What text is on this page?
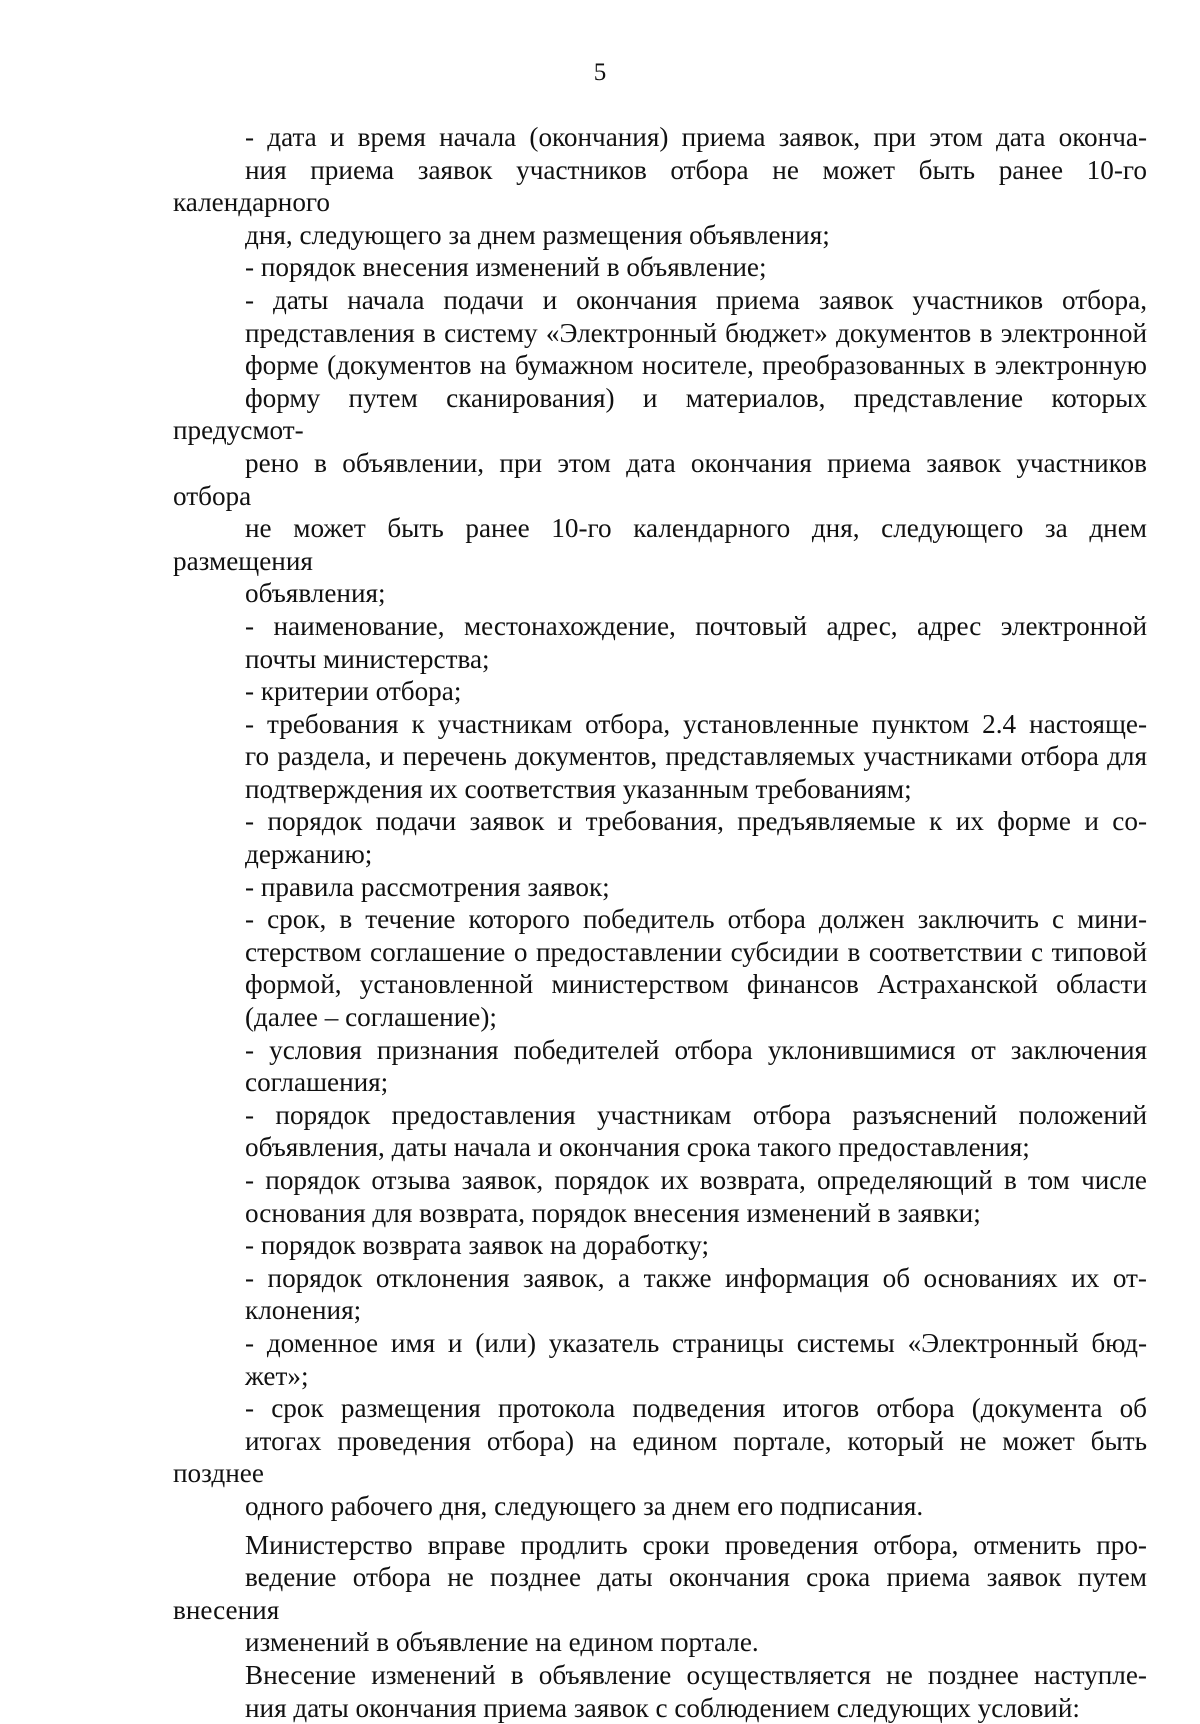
5

- дата и время начала (окончания) приема заявок, при этом дата оконча-
ния приема заявок участников отбора не может быть ранее 10-го календарного
дня, следующего за днем размещения объявления;

- порядок внесения изменений в объявление;

- даты начала подачи и окончания приема заявок участников отбора,
представления в систему «Электронный бюджет» документов в электронной
форме (документов на бумажном носителе, преобразованных в электронную
форму путем сканирования) и материалов, представление которых предусмот-
рено в объявлении, при этом дата окончания приема заявок участников отбора
не может быть ранее 10-го календарного дня, следующего за днем размещения
объявления;

- наименование, местонахождение, почтовый адрес, адрес электронной
почты министерства;

- критерии отбора;

- требования к участникам отбора, установленные пунктом 2.4 настояще-
го раздела, и перечень документов, представляемых участниками отбора для
подтверждения их соответствия указанным требованиям;

- порядок подачи заявок и требования, предъявляемые к их форме и со-
держанию;

- правила рассмотрения заявок;

- срок, в течение которого победитель отбора должен заключить с мини-
стерством соглашение о предоставлении субсидии в соответствии с типовой
формой, установленной министерством финансов Астраханской области
(далее – соглашение);

- условия признания победителей отбора уклонившимися от заключения
соглашения;

- порядок предоставления участникам отбора разъяснений положений
объявления, даты начала и окончания срока такого предоставления;

- порядок отзыва заявок, порядок их возврата, определяющий в том числе
основания для возврата, порядок внесения изменений в заявки;

- порядок возврата заявок на доработку;

- порядок отклонения заявок, а также информация об основаниях их от-
клонения;

- доменное имя и (или) указатель страницы системы «Электронный бюд-
жет»;

- срок размещения протокола подведения итогов отбора (документа об
итогах проведения отбора) на едином портале, который не может быть позднее
одного рабочего дня, следующего за днем его подписания.

Министерство вправе продлить сроки проведения отбора, отменить про-
ведение отбора не позднее даты окончания срока приема заявок путем внесения
изменений в объявление на едином портале.

Внесение изменений в объявление осуществляется не позднее наступле-
ния даты окончания приема заявок с соблюдением следующих условий:
